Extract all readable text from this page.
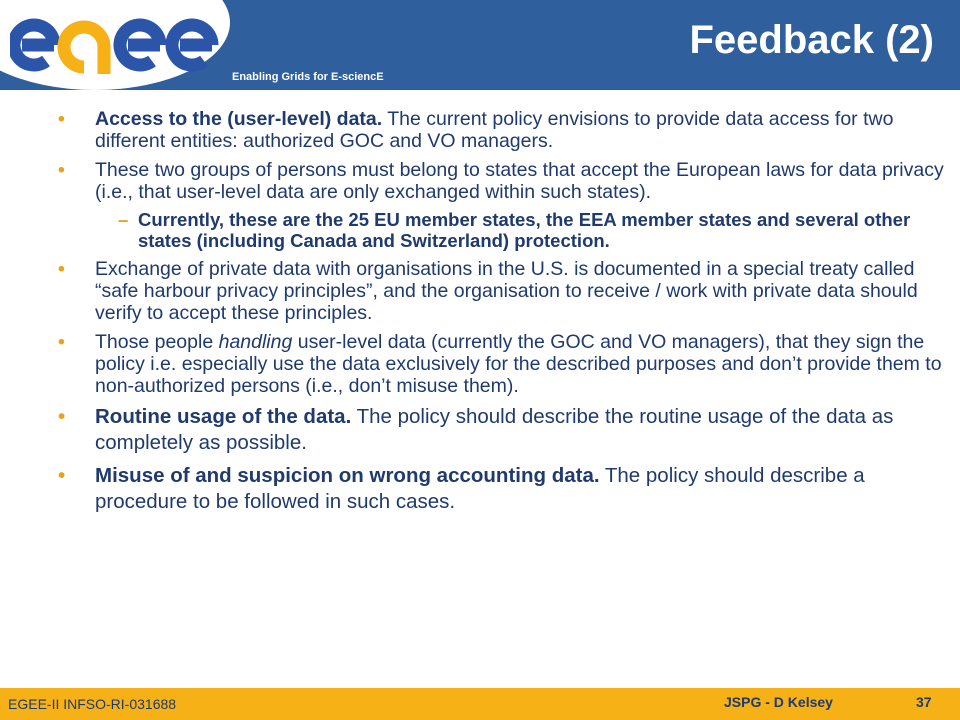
Enabling Grids for E-sciencE
Feedback (2)
• Access to the (user-level) data. The current policy envisions to provide data access for two different entities: authorized GOC and VO managers.
• These two groups of persons must belong to states that accept the European laws for data privacy (i.e., that user-level data are only exchanged within such states).
– Currently, these are the 25 EU member states, the EEA member states and several other states (including Canada and Switzerland) protection.
• Exchange of private data with organisations in the U.S. is documented in a special treaty called “safe harbour privacy principles”, and the organisation to receive / work with private data should verify to accept these principles.
• Those people handling user-level data (currently the GOC and VO managers), that they sign the policy i.e. especially use the data exclusively for the described purposes and don’t provide them to non-authorized persons (i.e., don’t misuse them).
• Routine usage of the data. The policy should describe the routine usage of the data as completely as possible.
• Misuse of and suspicion on wrong accounting data. The policy should describe a procedure to be followed in such cases.
EGEE-II INFSO-RI-031688	JSPG - D Kelsey	37
